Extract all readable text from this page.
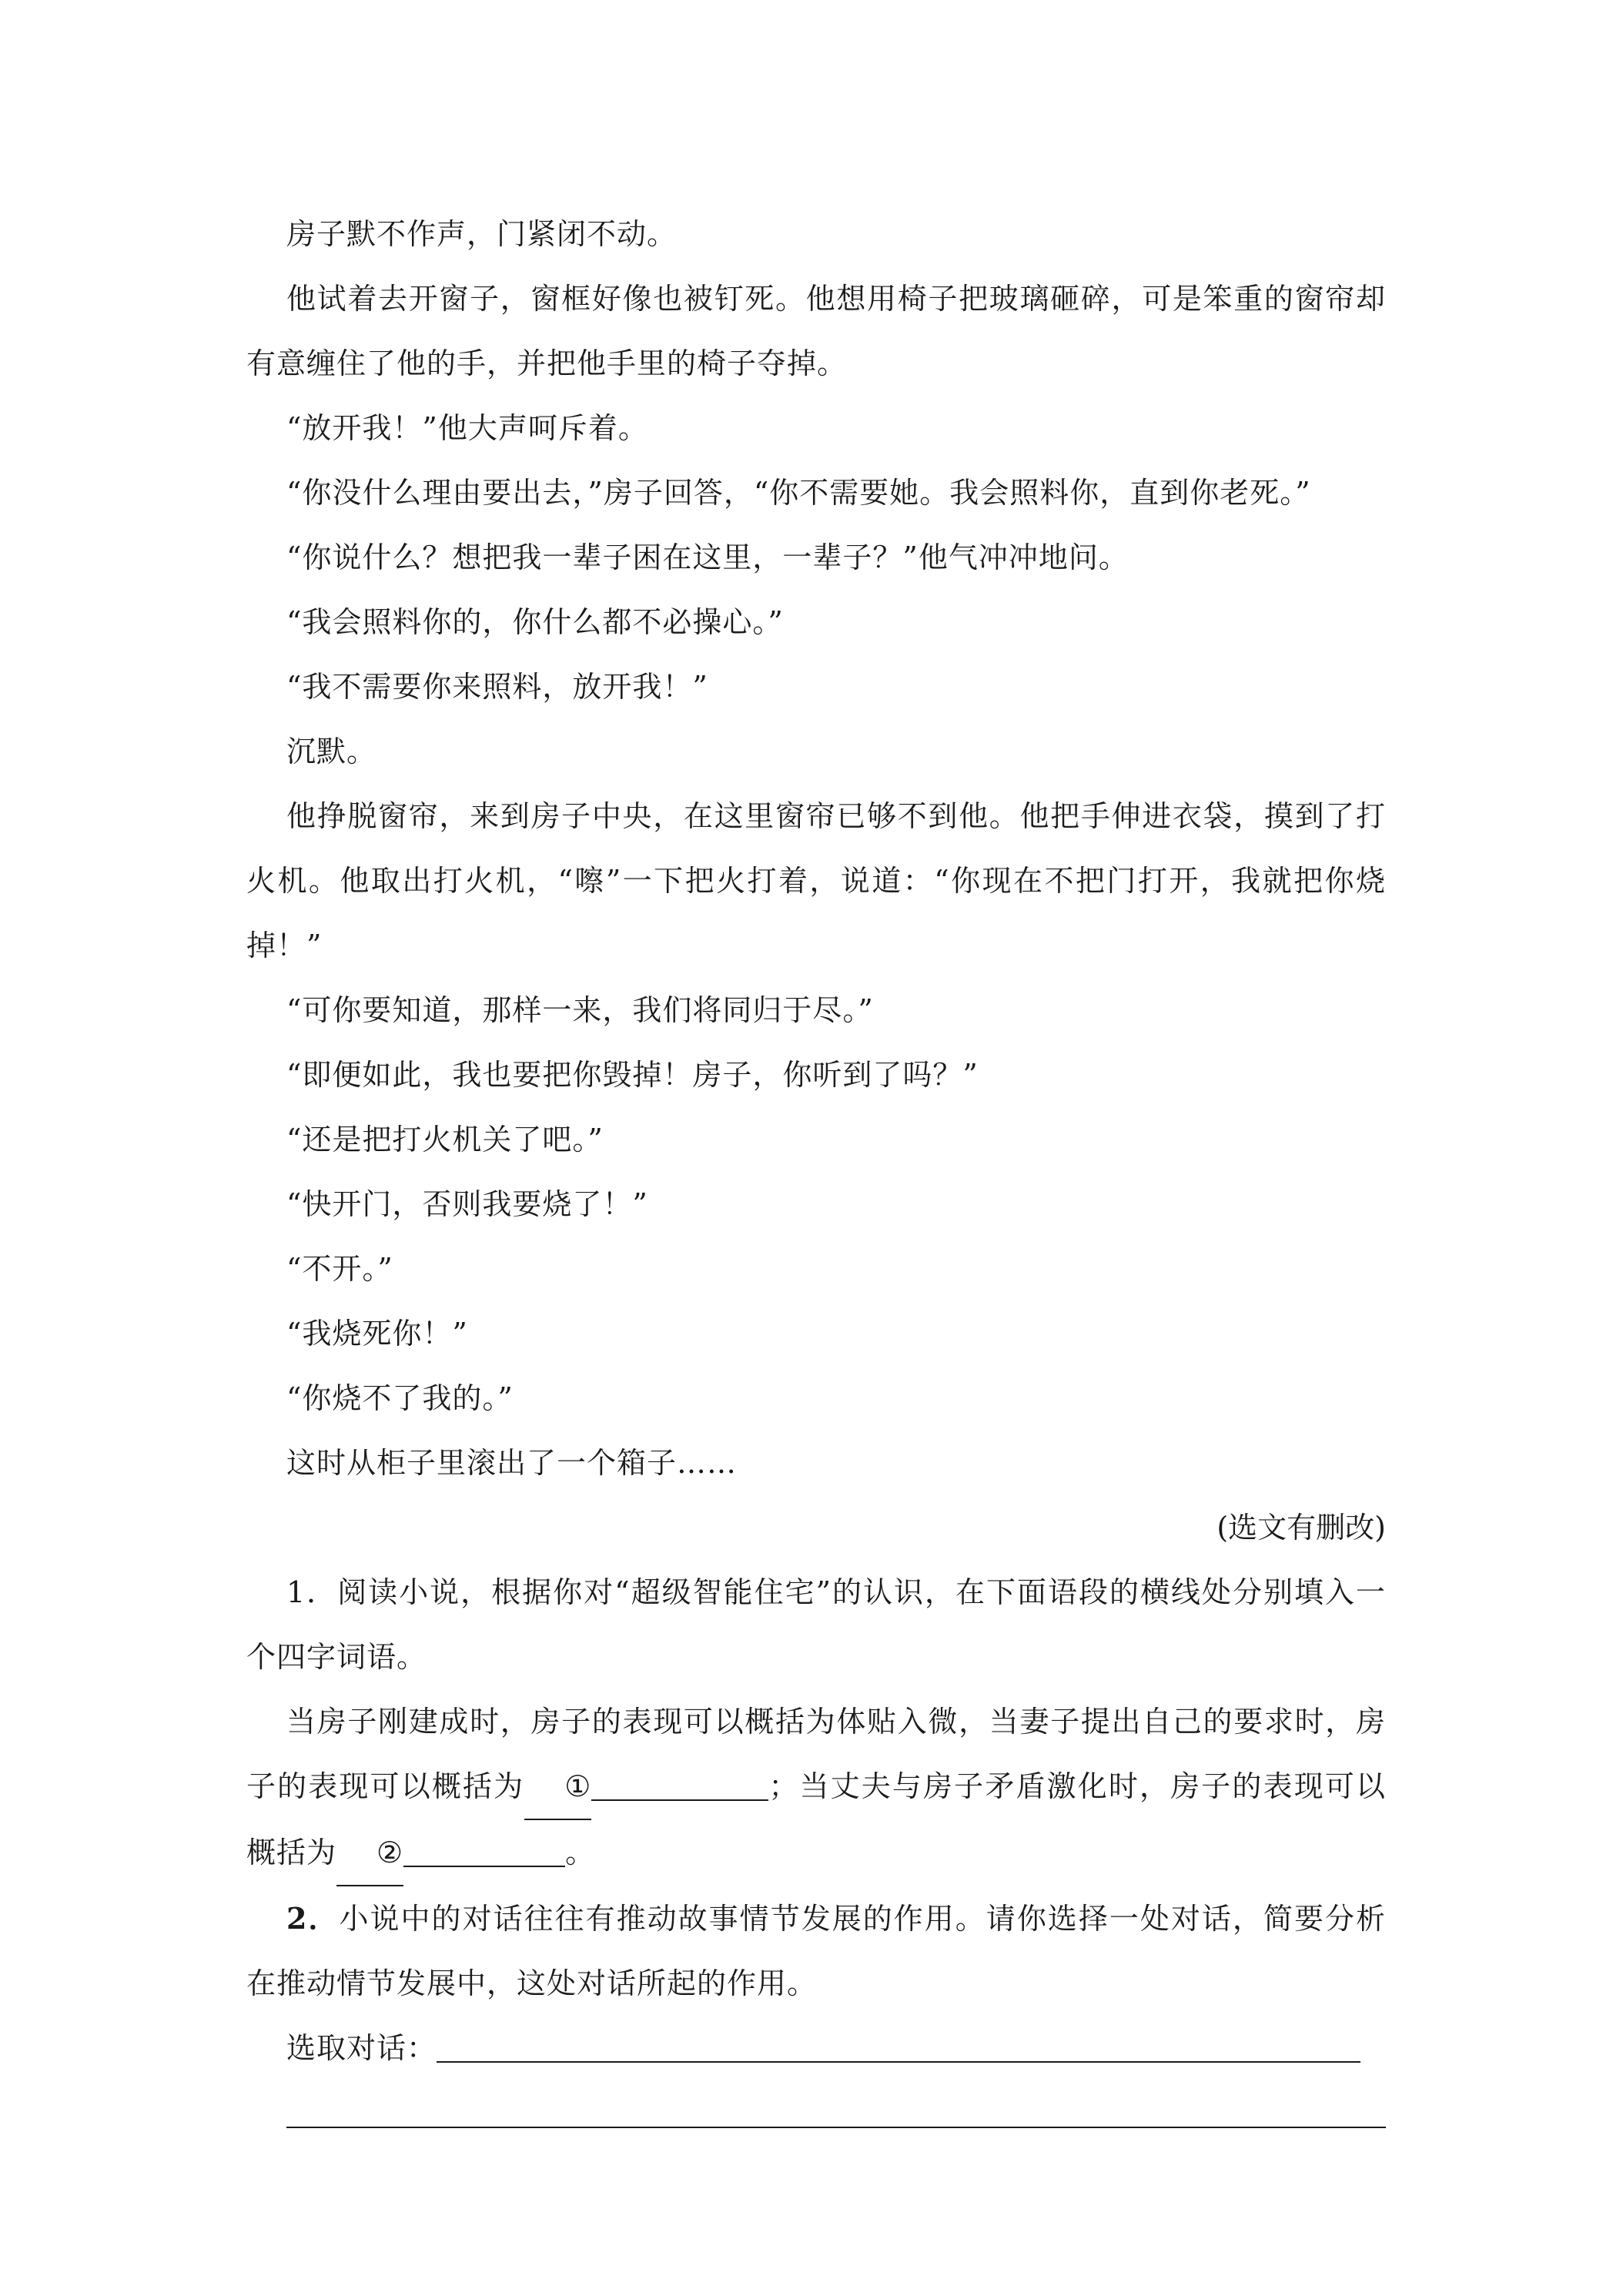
房子默不作声，门紧闭不动。

他试着去开窗子，窗框好像也被钉死。他想用椅子把玻璃砸碎，可是笨重的窗帘却有意缠住了他的手，并把他手里的椅子夺掉。

“放开我！”他大声呵斥着。

“你没什么理由要出去，”房子回答，“你不需要她。我会照料你，直到你老死。”

“你说什么？想把我一辈子困在这里，一辈子？”他气冲冲地问。

“我会照料你的，你什么都不必操心。”

“我不需要你来照料，放开我！”

沉默。

他挣脱窗帘，来到房子中央，在这里窗帘已够不到他。他把手伸进衣袋，摸到了打火机。他取出打火机，“嚓”一下把火打着，说道：“你现在不把门打开，我就把你烧掉！”

“可你要知道，那样一来，我们将同归于尽。”

“即便如此，我也要把你毁掉！房子，你听到了吗？”

“还是把打火机关了吧。”

“快开门，否则我要烧了！”

“不开。”

“我烧死你！”

“你烧不了我的。”

这时从柜子里滚出了一个箱子……

(选文有删改)

1．阅读小说，根据你对“超级智能住宅”的认识，在下面语段的横线处分别填入一个四字词语。

当房子刚建成时，房子的表现可以概括为体贴入微，当妻子提出自己的要求时，房子的表现可以概括为 ①	；当丈夫与房子矛盾激化时，房子的表现可以概括为 ②	。

2．小说中的对话往往有推动故事情节发展的作用。请你选择一处对话，简要分析在推动情节发展中，这处对话所起的作用。

选取对话：
